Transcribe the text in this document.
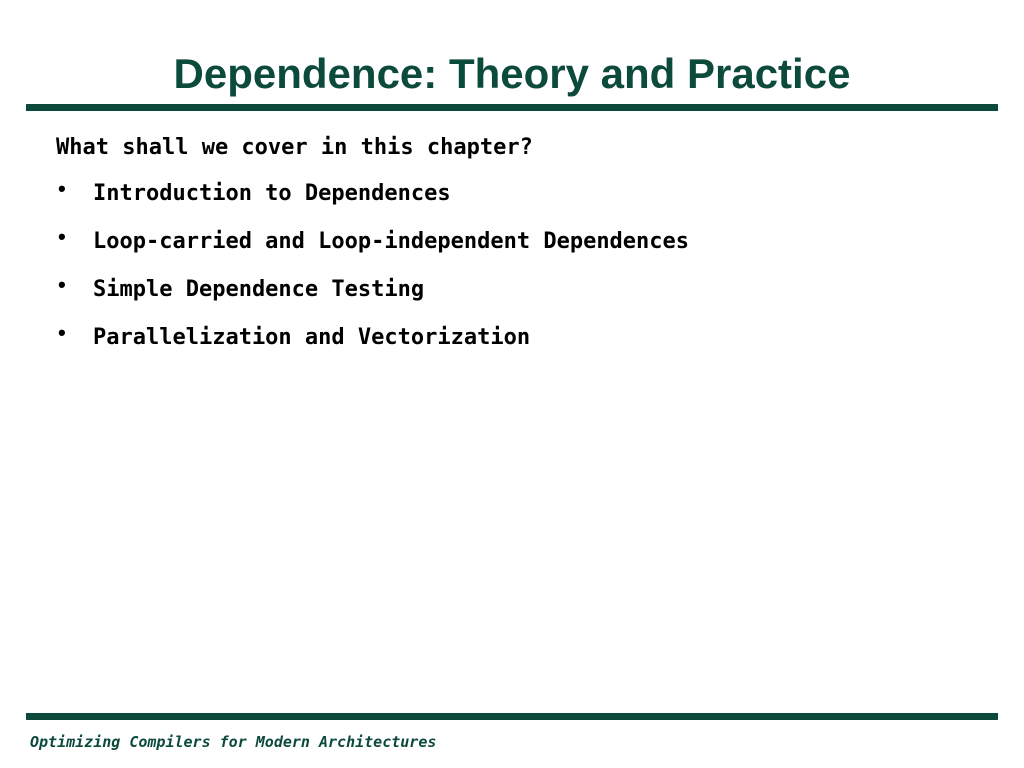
Dependence: Theory and Practice
What shall we cover in this chapter?
• Introduction to Dependences
• Loop-carried and Loop-independent Dependences
• Simple Dependence Testing
• Parallelization and Vectorization
Optimizing Compilers for Modern Architectures
